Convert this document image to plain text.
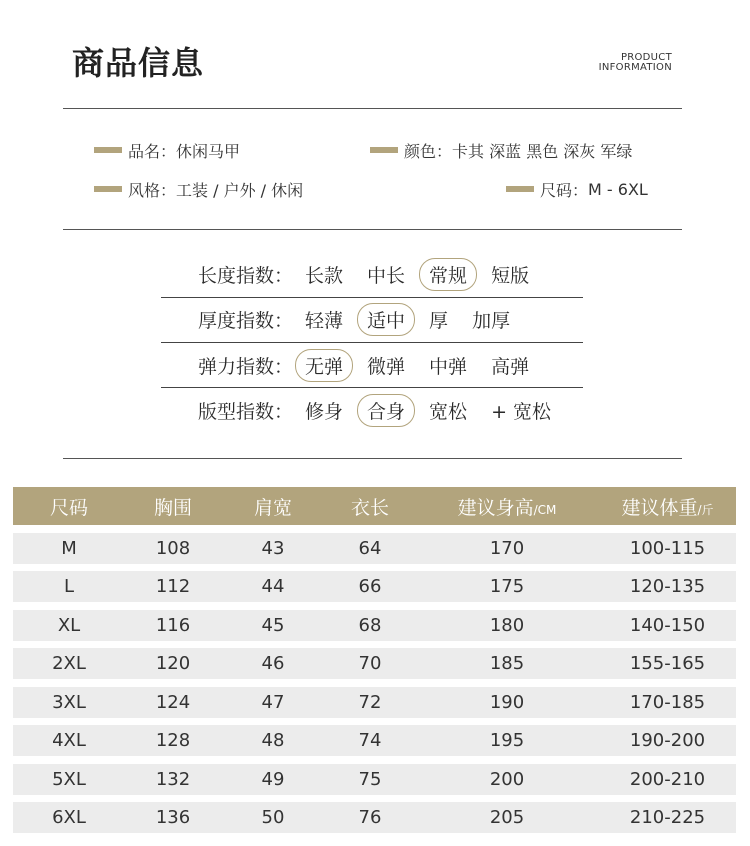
商品信息	PRODUCT
INFORMATION
品名： 休闲马甲	颜色： 卡其 深蓝 黑色 深灰 军绿
风格： 工装 / 户外 / 休闲	尺码： M - 6XL
长度指数： 长款	中长	常规	短版
厚度指数： 轻薄	适中	厚	加厚
弹力指数： 无弹	微弹	中弹	高弹
版型指数： 修身	合身	宽松	+ 宽松
尺码	胸围	肩宽	衣长	建议身高/CM	建议体重/斤
M	108	43	64	170	100-115
L	112	44	66	175	120-135
XL	116	45	68	180	140-150
2XL	120	46	70	185	155-165
3XL	124	47	72	190	170-185
4XL	128	48	74	195	190-200
5XL	132	49	75	200	200-210
6XL	136	50	76	205	210-225
